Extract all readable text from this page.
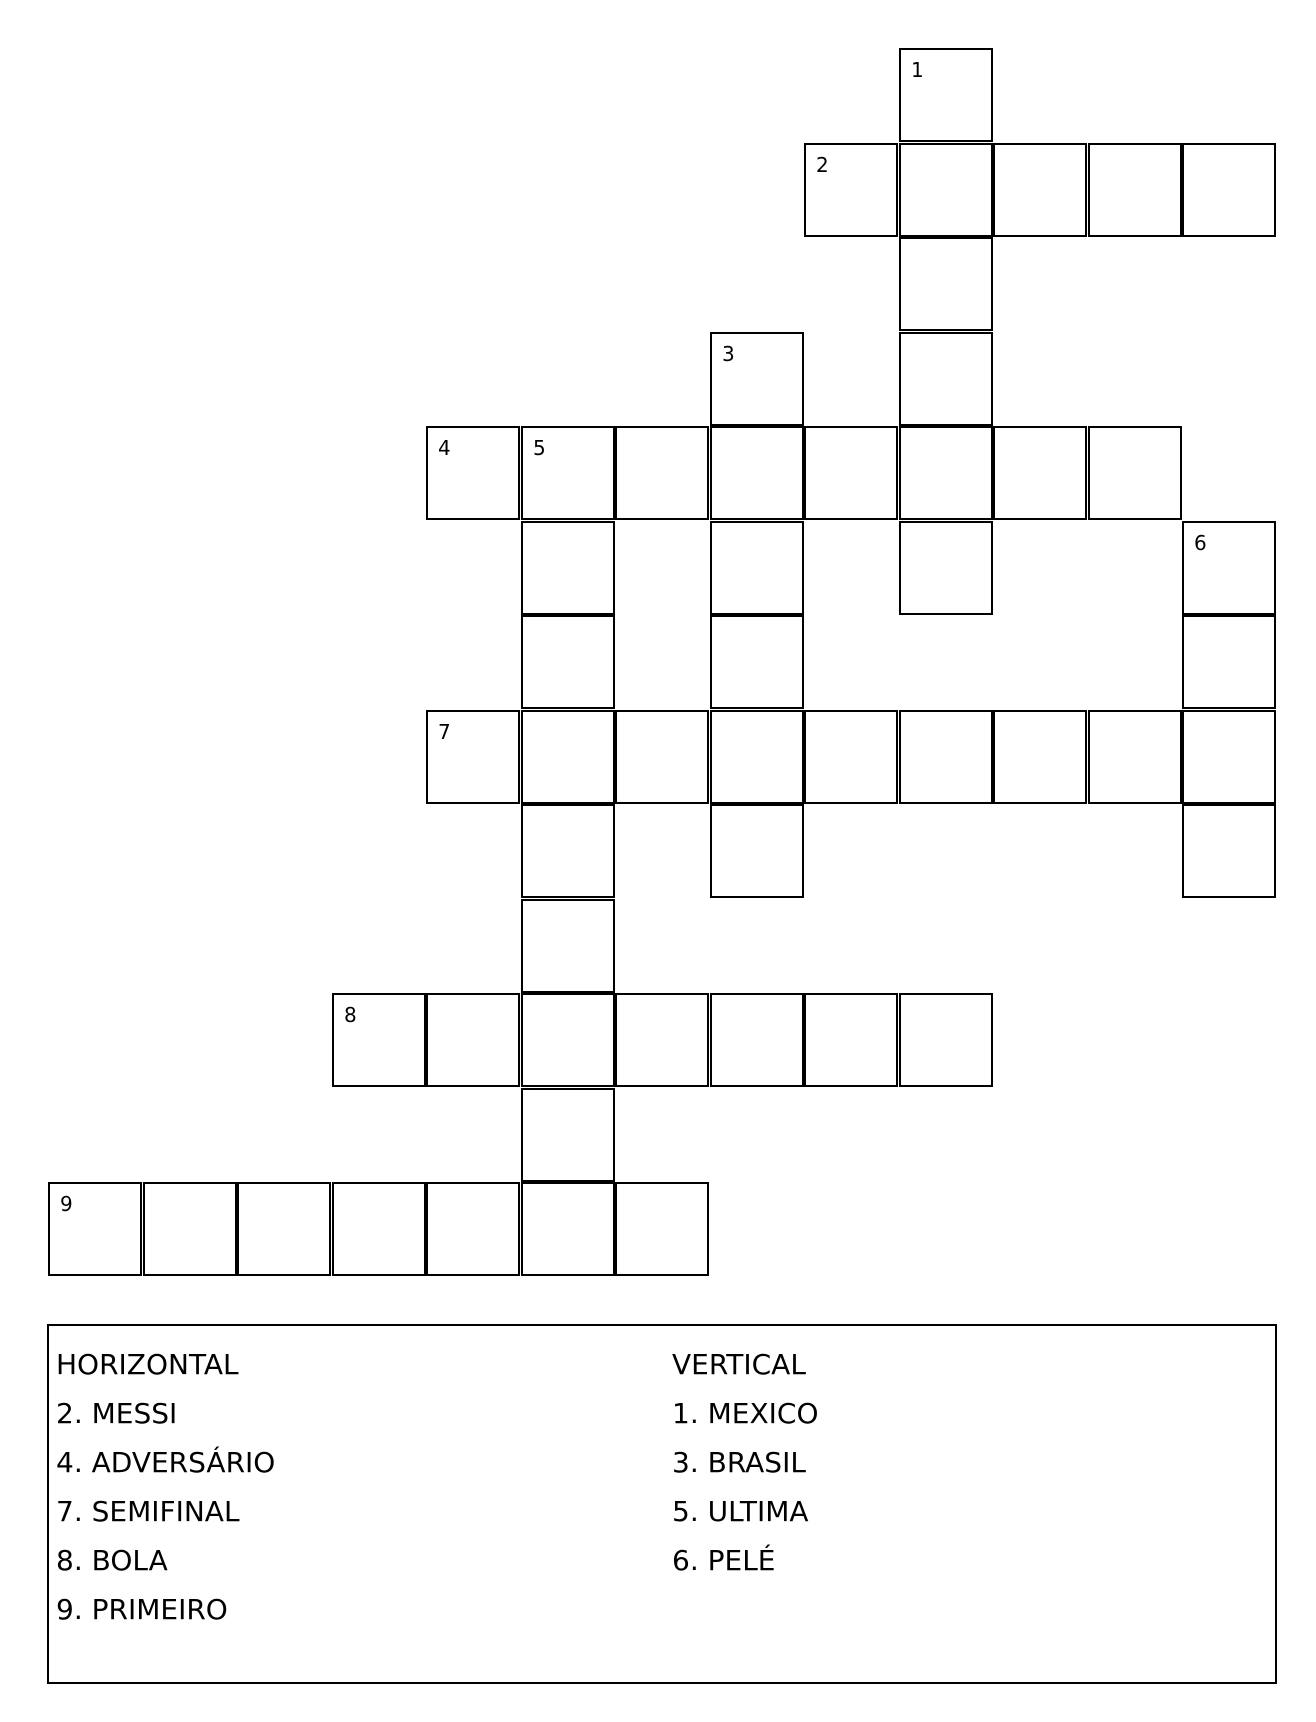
1
2
3
4	5
6
7
8
9
HORIZONTAL
2. MESSI
4. ADVERSÁRIO
7. SEMIFINAL
8. BOLA
9. PRIMEIRO
VERTICAL
1. MEXICO
3. BRASIL
5. ULTIMA
6. PELÉ
